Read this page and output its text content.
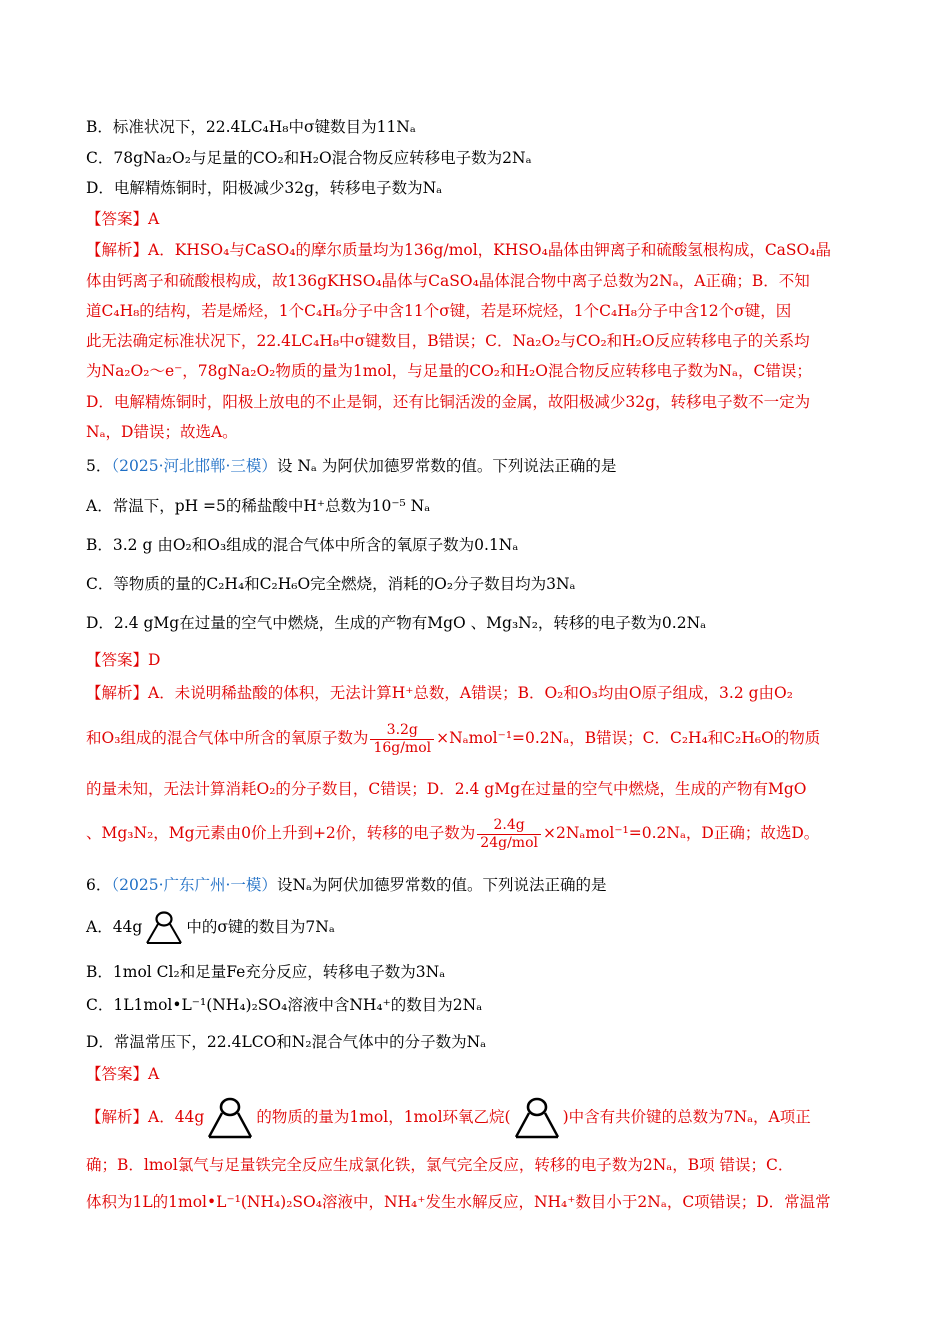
B．标准状况下，22.4LC₄H₈中σ键数目为11Nₐ
C．78gNa₂O₂与足量的CO₂和H₂O混合物反应转移电子数为2Nₐ
D．电解精炼铜时，阳极减少32g，转移电子数为Nₐ
【答案】A
【解析】A．KHSO₄与CaSO₄的摩尔质量均为136g/mol，KHSO₄晶体由钾离子和硫酸氢根构成，CaSO₄晶
体由钙离子和硫酸根构成，故136gKHSO₄晶体与CaSO₄晶体混合物中离子总数为2Nₐ，A正确；B．不知
道C₄H₈的结构，若是烯烃，1个C₄H₈分子中含11个σ键，若是环烷烃，1个C₄H₈分子中含12个σ键，因
此无法确定标准状况下，22.4LC₄H₈中σ键数目，B错误；C．Na₂O₂与CO₂和H₂O反应转移电子的关系均
为Na₂O₂～e⁻，78gNa₂O₂物质的量为1mol，与足量的CO₂和H₂O混合物反应转移电子数为Nₐ，C错误；
D．电解精炼铜时，阳极上放电的不止是铜，还有比铜活泼的金属，故阳极减少32g，转移电子数不一定为
Nₐ，D错误；故选A。
5．（2025·河北邯郸·三模）设 Nₐ 为阿伏加德罗常数的值。下列说法正确的是
A．常温下，pH =5的稀盐酸中H⁺总数为10⁻⁵ Nₐ
B．3.2 g 由O₂和O₃组成的混合气体中所含的氧原子数为0.1Nₐ
C．等物质的量的C₂H₄和C₂H₆O完全燃烧，消耗的O₂分子数目均为3Nₐ
D．2.4 gMg在过量的空气中燃烧，生成的产物有MgO 、Mg₃N₂，转移的电子数为0.2Nₐ
【答案】D
【解析】A．未说明稀盐酸的体积，无法计算H⁺总数，A错误；B．O₂和O₃均由O原子组成，3.2 g由O₂
和O₃组成的混合气体中所含的氧原子数为 $\frac{3.2g}{\text{16g/mol}} \times N_amol^{-1}=0.2N_a$，B错误；C．C₂H₄和C₂H₆O的物质
的量未知，无法计算消耗O₂的分子数目，C错误；D．2.4 gMg在过量的空气中燃烧，生成的产物有MgO
、Mg₃N₂，Mg元素由0价上升到+2价，转移的电子数为 $\frac{2.4g}{\text{24g/mol}} \times 2N_amol^{-1}=0.2N_a$，D正确；故选D。
6．（2025·广东广州·一模）设Nₐ为阿伏加德罗常数的值。下列说法正确的是
A．44g	中的σ键的数目为7Nₐ
B．1mol Cl₂和足量Fe充分反应，转移电子数为3Nₐ
C．1L1mol•L⁻¹(NH₄)₂SO₄溶液中含NH₄⁺的数目为2Nₐ
D．常温常压下，22.4LCO和N₂混合气体中的分子数为Nₐ
【答案】A
【解析】A．44g	的物质的量为1mol，1mol环氧乙烷(	)中含有共价键的总数为7Nₐ，A项正
确；B．lmol氯气与足量铁完全反应生成氯化铁，氯气完全反应，转移的电子数为2Nₐ，B项 错误；C．
体积为1L的1mol•L⁻¹(NH₄)₂SO₄溶液中，NH₄⁺发生水解反应，NH₄⁺数目小于2Nₐ，C项错误；D．常温常
